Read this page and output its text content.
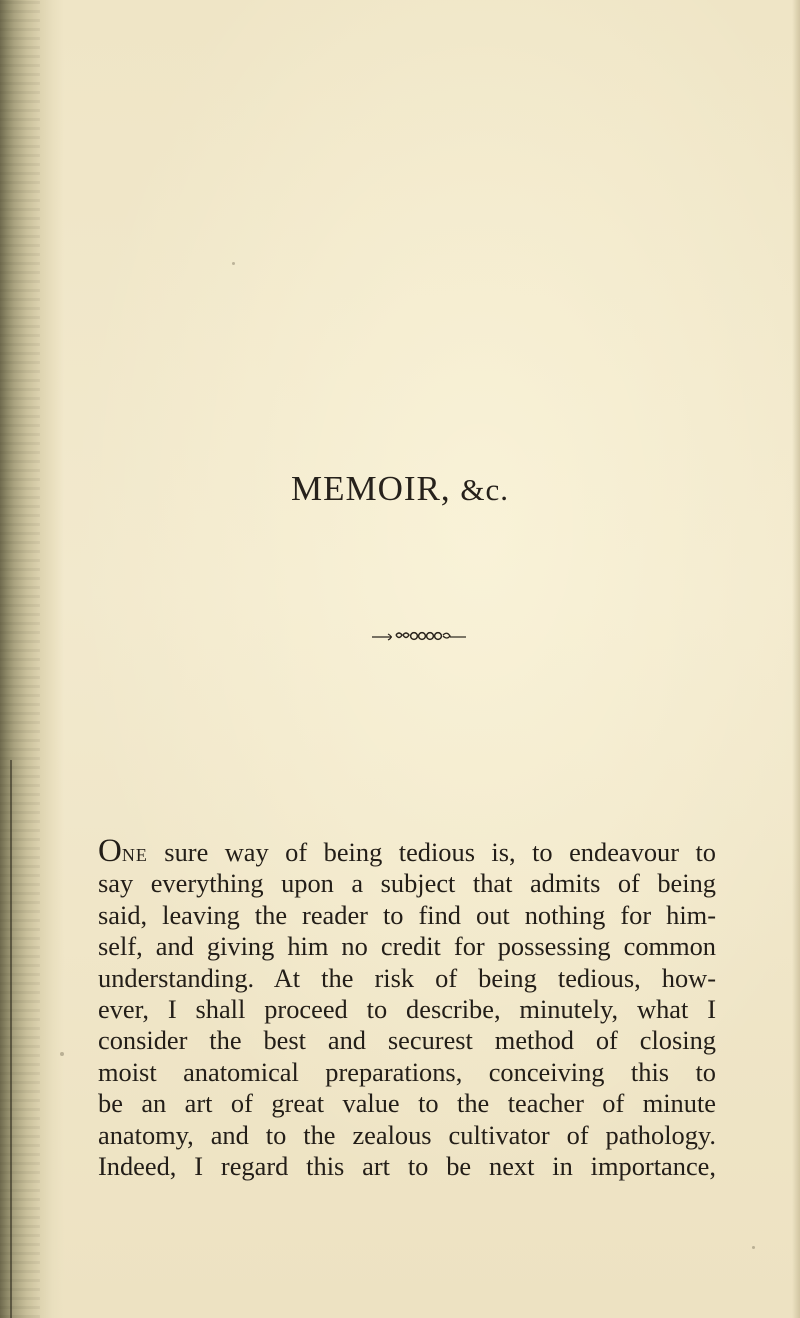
MEMOIR, &c.
One sure way of being tedious is, to endeavour to
say everything upon a subject that admits of being
said, leaving the reader to find out nothing for him-
self, and giving him no credit for possessing common
understanding. At the risk of being tedious, how-
ever, I shall proceed to describe, minutely, what I
consider the best and securest method of closing
moist anatomical preparations, conceiving this to
be an art of great value to the teacher of minute
anatomy, and to the zealous cultivator of pathology.
Indeed, I regard this art to be next in importance,
